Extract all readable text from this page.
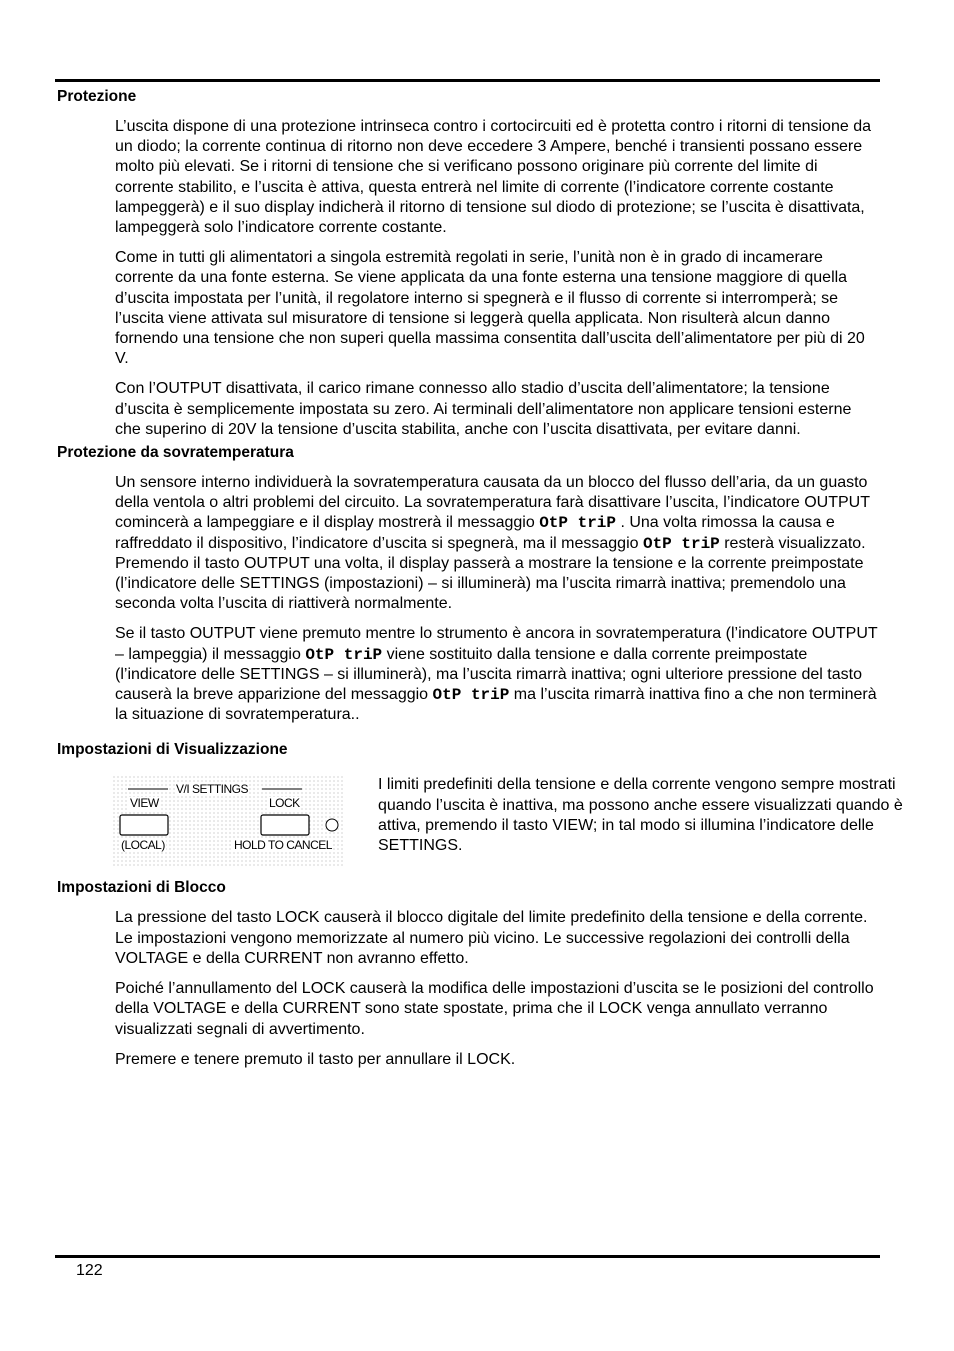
Protezione

L’uscita dispone di una protezione intrinseca contro i cortocircuiti ed è protetta contro i ritorni di tensione da un diodo; la corrente continua di ritorno non deve eccedere 3 Ampere, benché i transienti possano essere molto più elevati. Se i ritorni di tensione che si verificano possono originare più corrente del limite di corrente stabilito, e l’uscita è attiva, questa entrerà nel limite di corrente (l’indicatore corrente costante lampeggerà) e il suo display indicherà il ritorno di tensione sul diodo di protezione; se l’uscita è disattivata, lampeggerà solo l’indicatore corrente costante.

Come in tutti gli alimentatori a singola estremità regolati in serie, l’unità non è in grado di incamerare corrente da una fonte esterna. Se viene applicata da una fonte esterna una tensione maggiore di quella d’uscita impostata per l’unità, il regolatore interno si spegnerà e il flusso di corrente si interromperà; se l’uscita viene attivata sul misuratore di tensione si leggerà quella applicata. Non risulterà alcun danno fornendo una tensione che non superi quella massima consentita dall’uscita dell’alimentatore per più di 20 V.

Con l’OUTPUT disattivata, il carico rimane connesso allo stadio d’uscita dell’alimentatore; la tensione d’uscita è semplicemente impostata su zero. Ai terminali dell’alimentatore non applicare tensioni esterne che superino di 20V la tensione d’uscita stabilita, anche con l’uscita disattivata, per evitare danni.

Protezione da sovratemperatura

Un sensore interno individuerà la sovratemperatura causata da un blocco del flusso dell’aria, da un guasto della ventola o altri problemi del circuito. La sovratemperatura farà disattivare l’uscita, l’indicatore OUTPUT comincerà a lampeggiare e il display mostrerà il messaggio OtP triP . Una volta rimossa la causa e raffreddato il dispositivo, l’indicatore d’uscita si spegnerà, ma il messaggio OtP triP resterà visualizzato. Premendo il tasto OUTPUT una volta, il display passerà a mostrare la tensione e la corrente preimpostate (l’indicatore delle SETTINGS (impostazioni) – si illuminerà) ma l’uscita rimarrà inattiva; premendolo una seconda volta l’uscita di riattiverà normalmente.

Se il tasto OUTPUT viene premuto mentre lo strumento è ancora in sovratemperatura (l’indicatore OUTPUT – lampeggia) il messaggio OtP triP viene sostituito dalla tensione e dalla corrente preimpostate (l’indicatore delle SETTINGS – si illuminerà), ma l’uscita rimarrà inattiva; ogni ulteriore pressione del tasto causerà la breve apparizione del messaggio OtP triP ma l’uscita rimarrà inattiva fino a che non terminerà la situazione di sovratemperatura..

Impostazioni di Visualizzazione
V/I SETTINGS
VIEW	LOCK
(LOCAL)	HOLD TO CANCEL

I limiti predefiniti della tensione e della corrente vengono sempre mostrati quando l’uscita è inattiva, ma possono anche essere visualizzati quando è attiva, premendo il tasto VIEW; in tal modo si illumina l’indicatore delle SETTINGS.

Impostazioni di Blocco

La pressione del tasto LOCK causerà il blocco digitale del limite predefinito della tensione e della corrente. Le impostazioni vengono memorizzate al numero più vicino. Le successive regolazioni dei controlli della VOLTAGE e della CURRENT non avranno effetto.

Poiché l’annullamento del LOCK causerà la modifica delle impostazioni d’uscita se le posizioni del controllo della VOLTAGE e della CURRENT sono state spostate, prima che il LOCK venga annullato verranno visualizzati segnali di avvertimento.

Premere e tenere premuto il tasto per annullare il LOCK.

122
